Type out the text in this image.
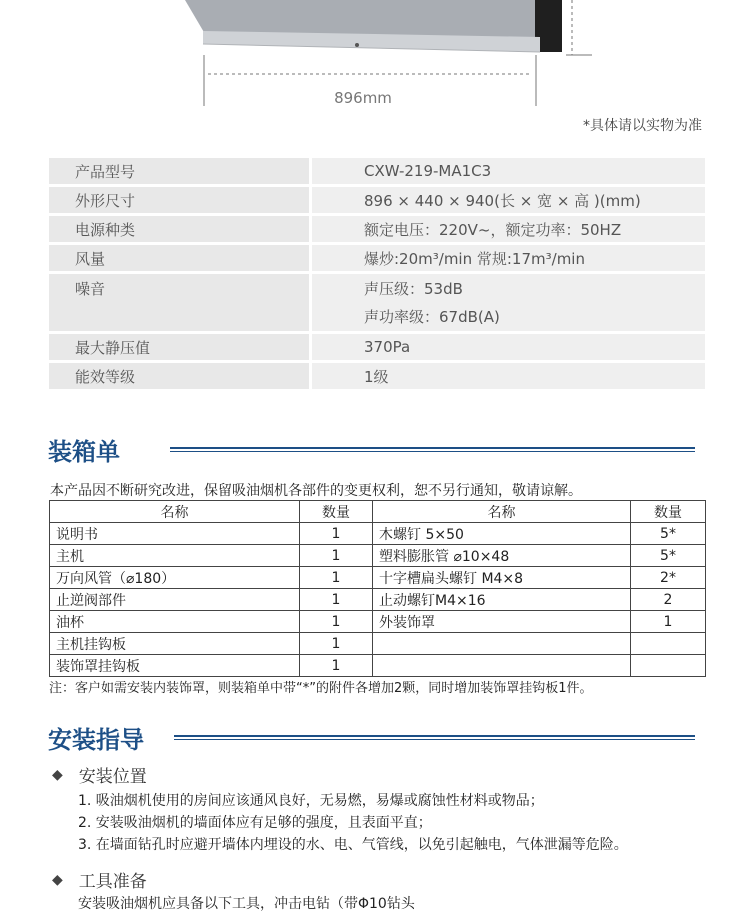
896mm
*具体请以实物为准
产品型号	CXW-219-MA1C3
外形尺寸	896 × 440 × 940(长 × 宽 × 高 )(mm)
电源种类	额定电压：220V~，额定功率：50HZ
风量	爆炒:20m³/min 常规:17m³/min
噪音	声压级：53dB
声功率级：67dB(A)
最大静压值	370Pa
能效等级	1级
装箱单
本产品因不断研究改进，保留吸油烟机各部件的变更权利，恕不另行通知，敬请谅解。
名称	数量	名称	数量
说明书	1	木螺钉 5×50	5*
主机	1	塑料膨胀管 ⌀10×48	5*
万向风管（⌀180）	1	十字槽扁头螺钉 M4×8	2*
止逆阀部件	1	止动螺钉M4×16	2
油杯	1	外装饰罩	1
主机挂钩板	1		
装饰罩挂钩板	1		
注：客户如需安装内装饰罩，则装箱单中带“*”的附件各增加2颗，同时增加装饰罩挂钩板1件。
安装指导
◆ 安装位置
1. 吸油烟机使用的房间应该通风良好，无易燃，易爆或腐蚀性材料或物品；
2. 安装吸油烟机的墙面体应有足够的强度，且表面平直；
3. 在墙面钻孔时应避开墙体内埋设的水、电、气管线，以免引起触电，气体泄漏等危险。
◆ 工具准备
安装吸油烟机应具备以下工具，冲击电钻（带Φ10钻头
